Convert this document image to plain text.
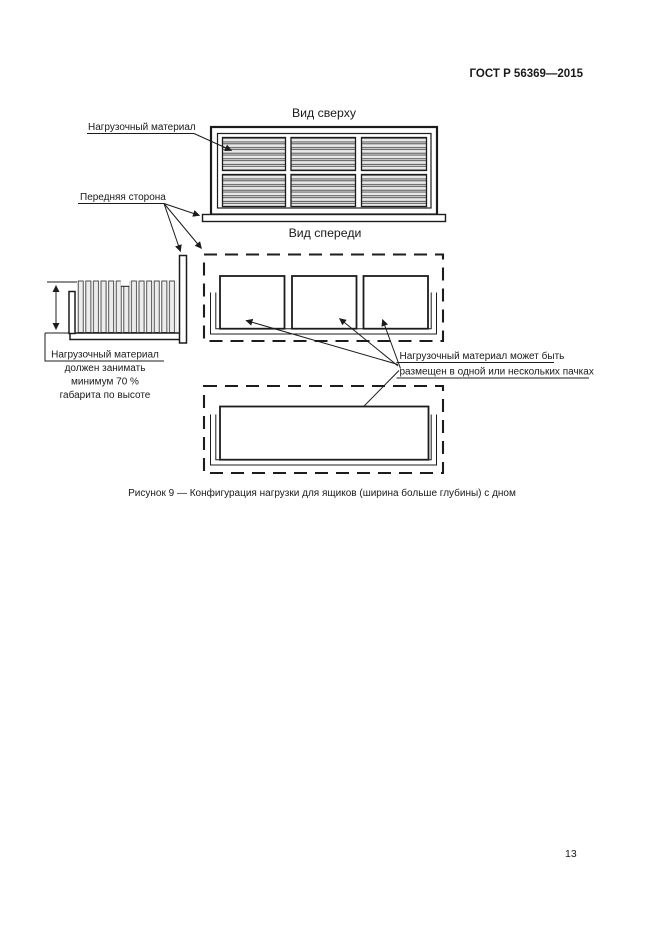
ГОСТ Р 56369—2015
Вид сверху
Нагрузочный материал
Передняя сторона
Нагрузочный материал
должен занимать
минимум 70 %
габарита по высоте
Вид спереди
Нагрузочный материал может быть
размещен в одной или нескольких пачках
Рисунок 9 — Конфигурация нагрузки для ящиков (ширина больше глубины) с дном
13
